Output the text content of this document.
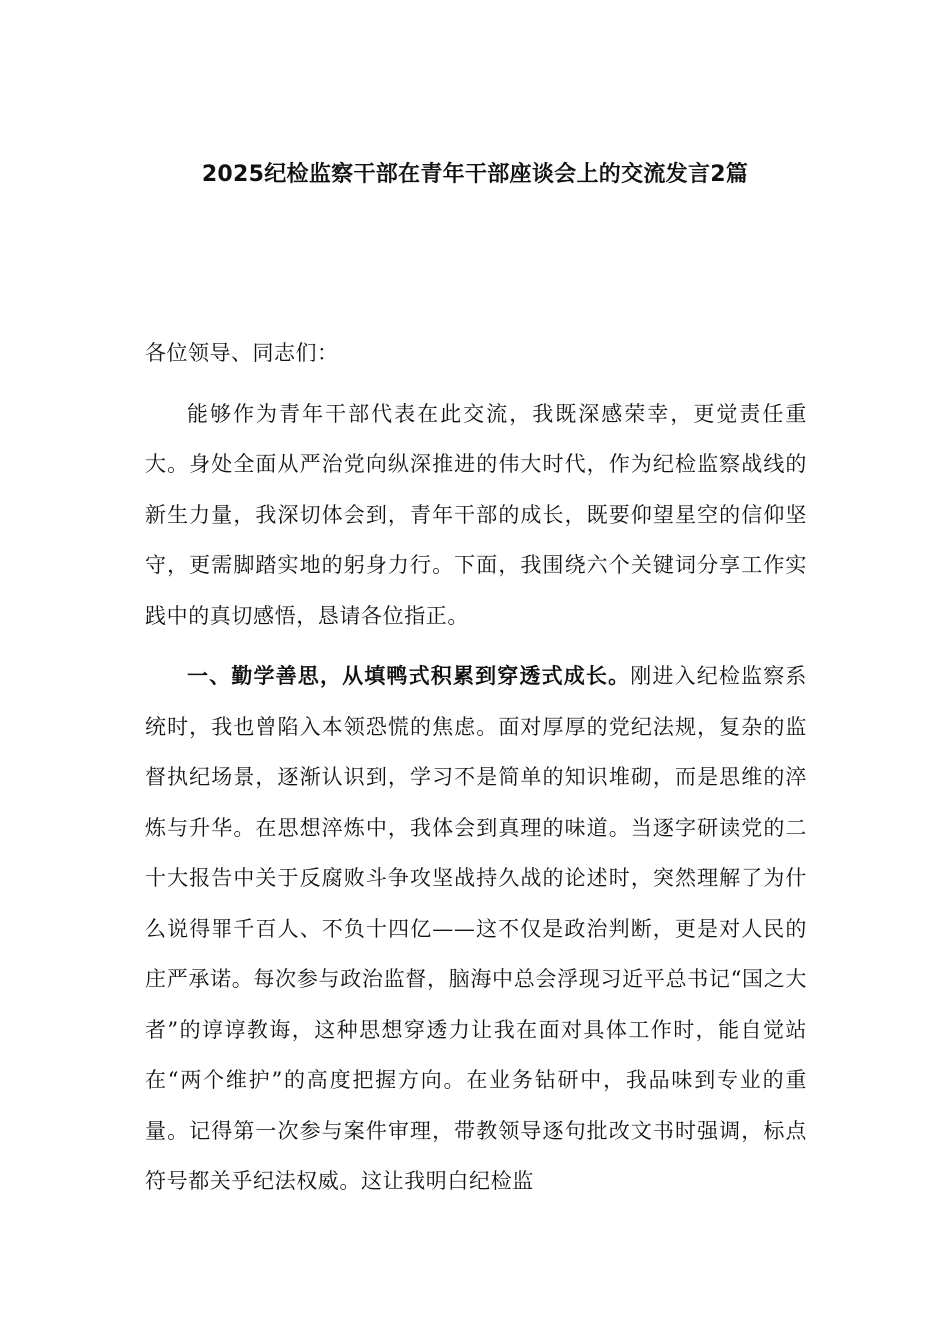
2025纪检监察干部在青年干部座谈会上的交流发言2篇

各位领导、同志们：

能够作为青年干部代表在此交流，我既深感荣幸，更觉责任重大。身处全面从严治党向纵深推进的伟大时代，作为纪检监察战线的新生力量，我深切体会到，青年干部的成长，既要仰望星空的信仰坚守，更需脚踏实地的躬身力行。下面，我围绕六个关键词分享工作实践中的真切感悟，恳请各位指正。

一、勤学善思，从填鸭式积累到穿透式成长。刚进入纪检监察系统时，我也曾陷入本领恐慌的焦虑。面对厚厚的党纪法规，复杂的监督执纪场景，逐渐认识到，学习不是简单的知识堆砌，而是思维的淬炼与升华。在思想淬炼中，我体会到真理的味道。当逐字研读党的二十大报告中关于反腐败斗争攻坚战持久战的论述时，突然理解了为什么说得罪千百人、不负十四亿——这不仅是政治判断，更是对人民的庄严承诺。每次参与政治监督，脑海中总会浮现习近平总书记“国之大者”的谆谆教诲，这种思想穿透力让我在面对具体工作时，能自觉站在“两个维护”的高度把握方向。在业务钻研中，我品味到专业的重量。记得第一次参与案件审理，带教领导逐句批改文书时强调，标点符号都关乎纪法权威。这让我明白纪检监
